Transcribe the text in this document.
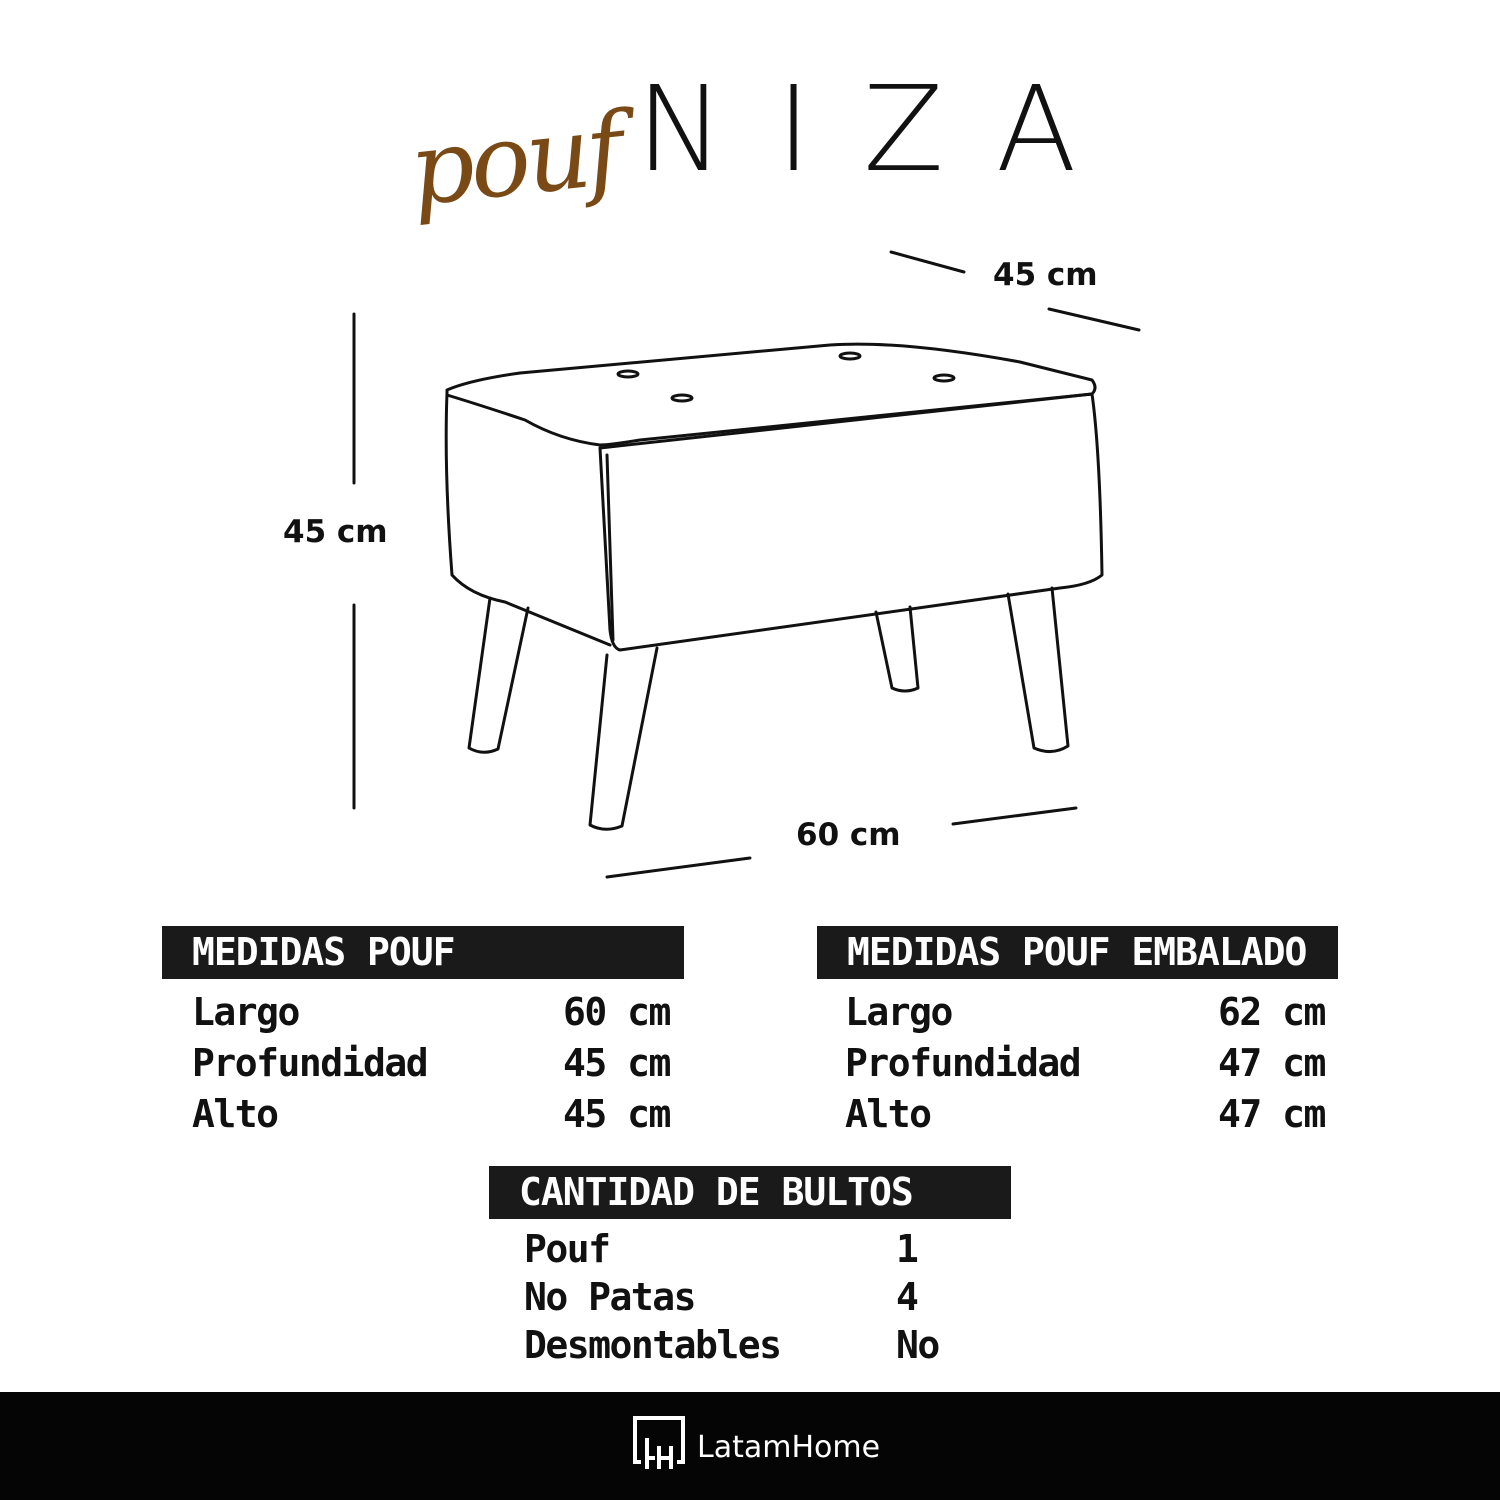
pouf NIZA
45 cm
45 cm
60 cm
MEDIDAS POUF
Largo	60 cm
Profundidad	45 cm
Alto	45 cm
MEDIDAS POUF EMBALADO
Largo	62 cm
Profundidad	47 cm
Alto	47 cm
CANTIDAD DE BULTOS
Pouf	1
No Patas	4
Desmontables	No
LatamHome
